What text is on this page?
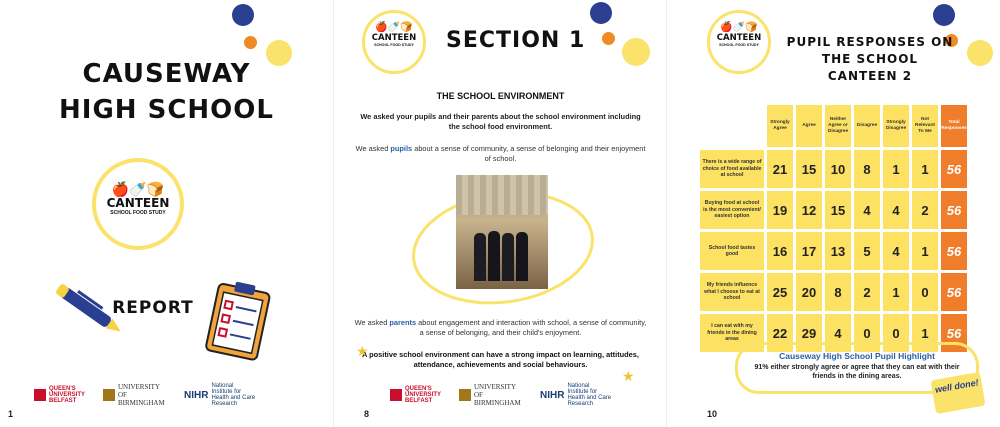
CAUSEWAY
HIGH SCHOOL
🍎🍼🍞
CANTEEN
SCHOOL FOOD STUDY
REPORT
QUEEN'S UNIVERSITY BELFAST
UNIVERSITY OF BIRMINGHAM
NIHR
National Institute for Health and Care Research
1
🍎🍼🍞
CANTEEN
SCHOOL FOOD STUDY	SECTION 1
THE SCHOOL ENVIRONMENT
We asked your pupils and their parents about the school environment including the school food environment.
We asked pupils about a sense of community, a sense of belonging and their enjoyment of school.
We asked parents about engagement and interaction with school, a sense of community, a sense of belonging, and their child's enjoyment.
A positive school environment can have a strong impact on learning, attitudes, attendance, achievements and social behaviours.
★
★
QUEEN'S UNIVERSITY BELFAST
UNIVERSITY OF BIRMINGHAM
NIHR
National Institute for Health and Care Research
8
🍎🍼🍞
CANTEEN
SCHOOL FOOD STUDY	PUPIL RESPONSES ON
THE SCHOOL CANTEEN 2
	Strongly Agree	Agree	Neither Agree or Disagree	Disagree	Strongly Disagree	Not Relevant To Me	Total Responses
There is a wide range of choice of food available at school	21	15	10	8	1	1	56
Buying food at school is the most convenient/ easiest option	19	12	15	4	4	2	56
School food tastes good	16	17	13	5	4	1	56
My friends influence what I choose to eat at school	25	20	8	2	1	0	56
I can eat with my friends in the dining areas	22	29	4	0	0	1	56
Causeway High School Pupil Highlight
91% either strongly agree or agree that they can eat with their friends in the dining areas.
well done!
10
